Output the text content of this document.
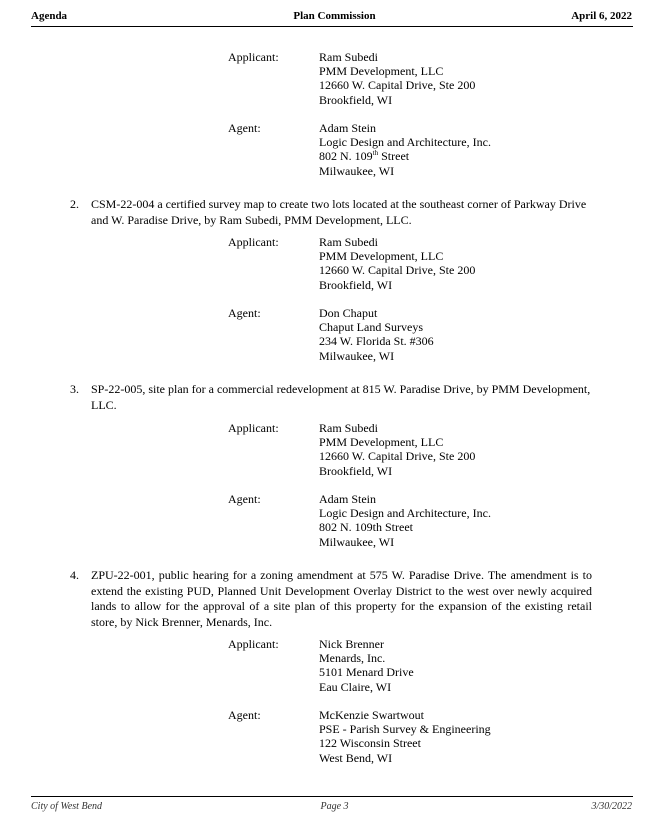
Agenda	Plan Commission	April 6, 2022
Applicant:	Ram Subedi
PMM Development, LLC
12660 W. Capital Drive, Ste 200
Brookfield, WI
Agent:	Adam Stein
Logic Design and Architecture, Inc.
802 N. 109th Street
Milwaukee, WI
2.	CSM-22-004 a certified survey map to create two lots located at the southeast corner of Parkway Drive and W. Paradise Drive, by Ram Subedi, PMM Development, LLC.
Applicant:	Ram Subedi
PMM Development, LLC
12660 W. Capital Drive, Ste 200
Brookfield, WI
Agent:	Don Chaput
Chaput Land Surveys
234 W. Florida St. #306
Milwaukee, WI
3.	SP-22-005, site plan for a commercial redevelopment at 815 W. Paradise Drive, by PMM Development, LLC.
Applicant:	Ram Subedi
PMM Development, LLC
12660 W. Capital Drive, Ste 200
Brookfield, WI
Agent:	Adam Stein
Logic Design and Architecture, Inc.
802 N. 109th Street
Milwaukee, WI
4.	ZPU-22-001, public hearing for a zoning amendment at 575 W. Paradise Drive. The amendment is to extend the existing PUD, Planned Unit Development Overlay District to the west over newly acquired lands to allow for the approval of a site plan of this property for the expansion of the existing retail store, by Nick Brenner, Menards, Inc.
Applicant:	Nick Brenner
Menards, Inc.
5101 Menard Drive
Eau Claire, WI
Agent:	McKenzie Swartwout
PSE - Parish Survey & Engineering
122 Wisconsin Street
West Bend, WI
City of West Bend	Page 3	3/30/2022
